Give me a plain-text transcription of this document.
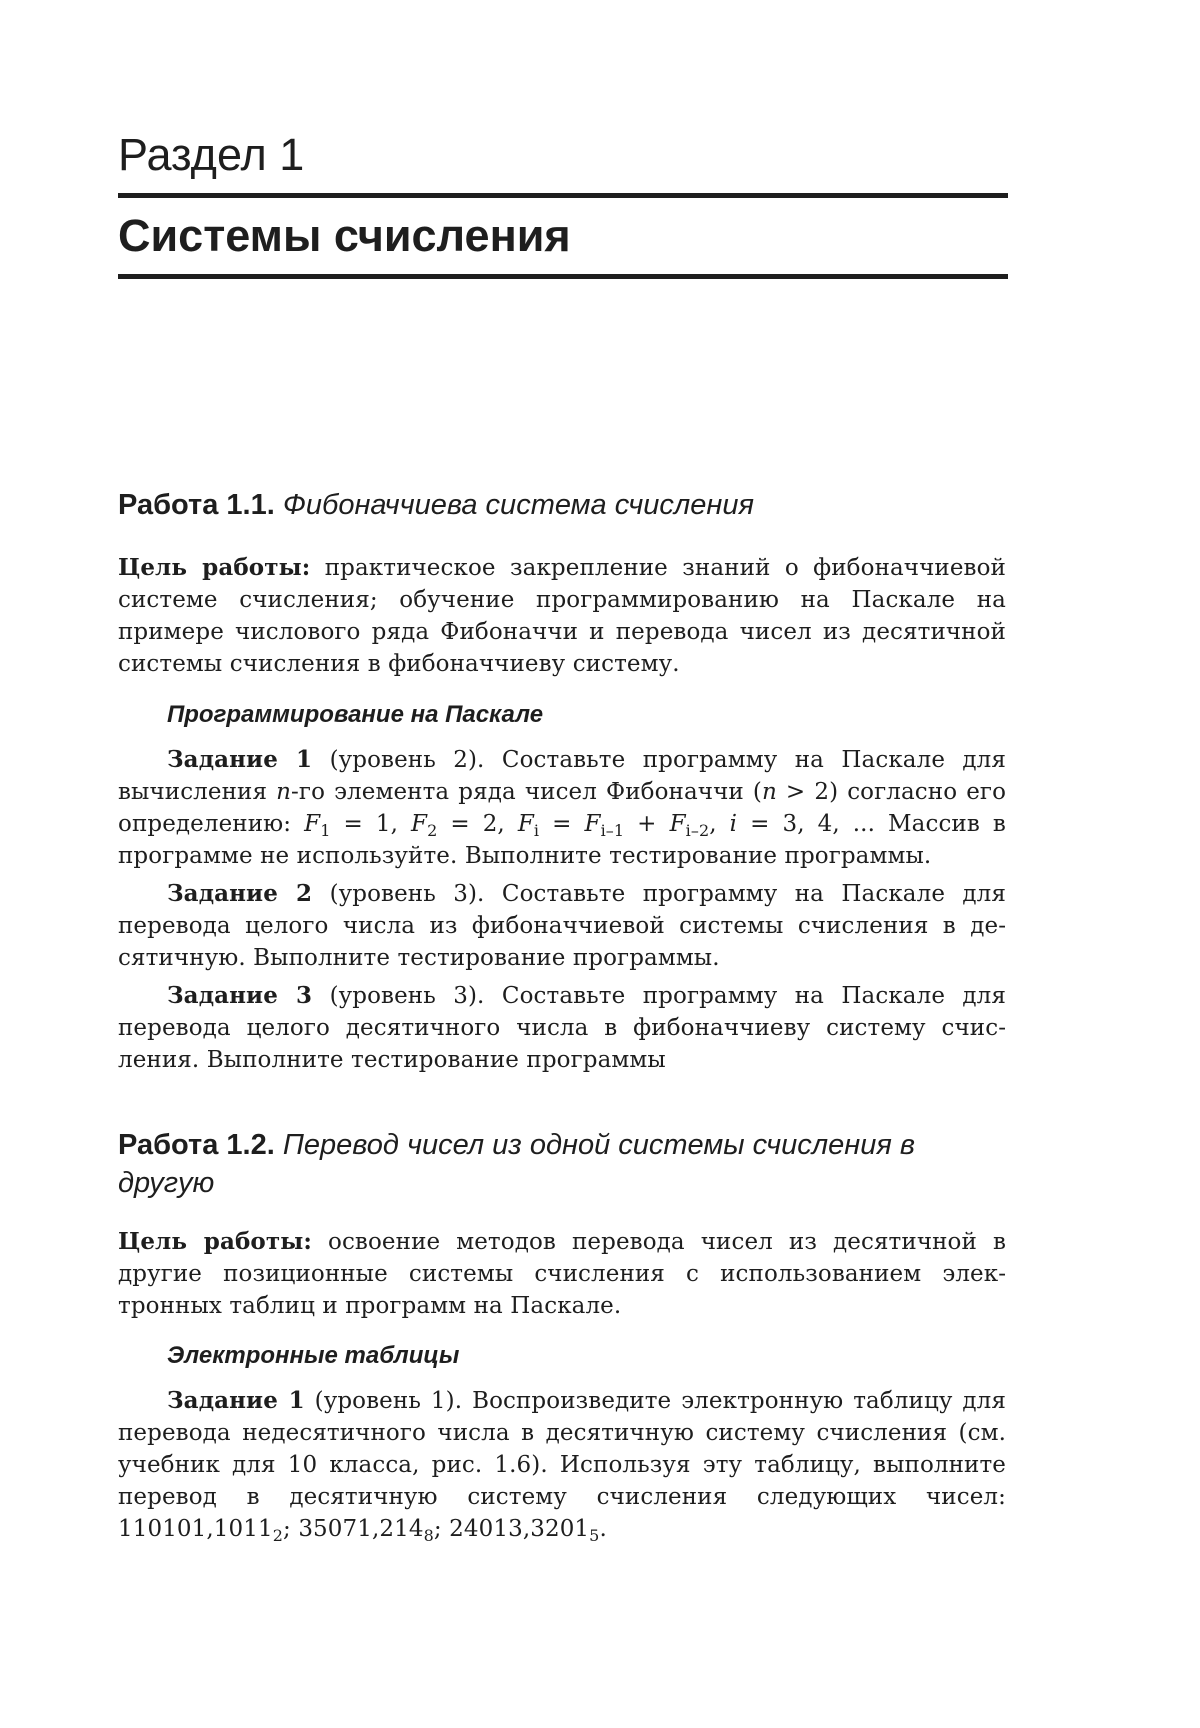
Раздел 1
Системы счисления
Работа 1.1. Фибоначчиева система счисления

Цель работы: практическое закрепление знаний о фибоначчиевой системе счисления; обучение программированию на Паскале на примере числового ряда Фибоначчи и перевода чисел из десятичной системы счисления в фибоначчиеву систему.

Программирование на Паскале

Задание 1 (уровень 2). Составьте программу на Паскале для вычисления n-го элемента ряда чисел Фибоначчи (n > 2) согласно его определению: $F_1 = 1$, $F_2 = 2$, $F_i = F_{i-1} + F_{i-2}$, i = 3, 4, ... Массив в программе не используйте. Выполните тестирование программы.

Задание 2 (уровень 3). Составьте программу на Паскале для перевода целого числа из фибоначчиевой системы счисления в десятичную. Выполните тестирование программы.

Задание 3 (уровень 3). Составьте программу на Паскале для перевода целого десятичного числа в фибоначчиеву систему счисления. Выполните тестирование программы

Работа 1.2. Перевод чисел из одной системы счисления в другую

Цель работы: освоение методов перевода чисел из десятичной в другие позиционные системы счисления с использованием электронных таблиц и программ на Паскале.

Электронные таблицы

Задание 1 (уровень 1). Воспроизведите электронную таблицу для перевода недесятичного числа в десятичную систему счисления (см. учебник для 10 класса, рис. 1.6). Используя эту таблицу, выполните перевод в десятичную систему счисления следующих чисел: $110101,1011_2$; $35071,214_8$; $24013,3201_5$.
